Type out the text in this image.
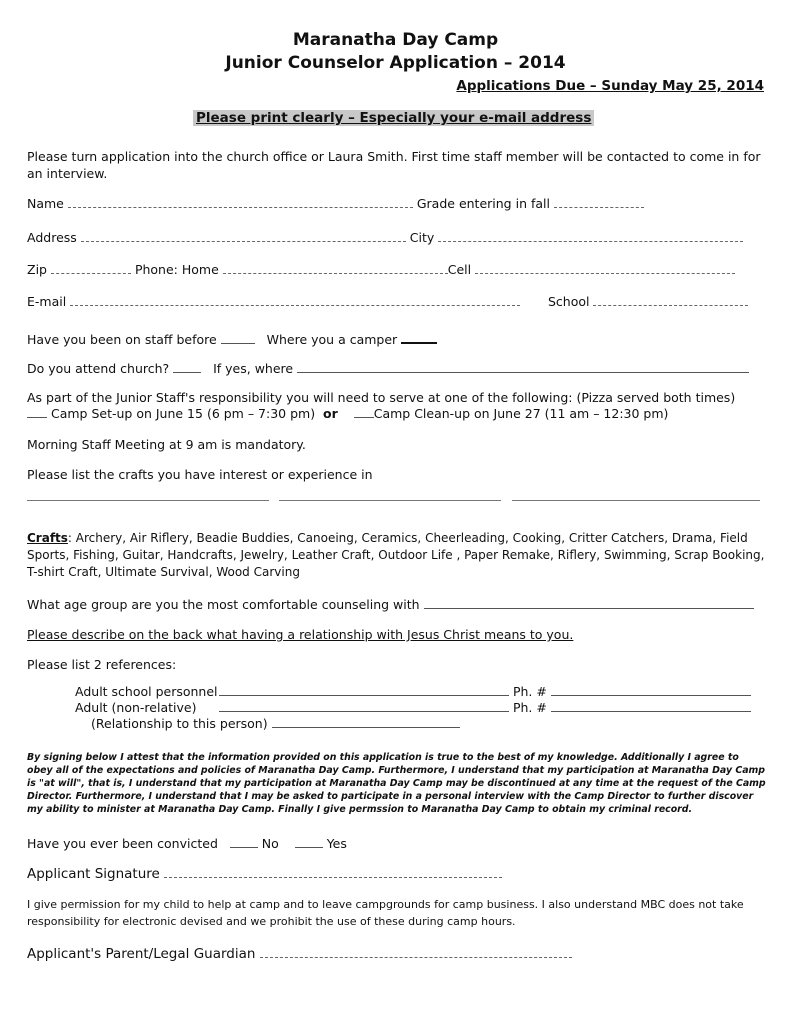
Maranatha Day Camp
Junior Counselor Application – 2014
Applications Due – Sunday May 25, 2014
Please print clearly – Especially your e-mail address
Please turn application into the church office or Laura Smith. First time staff member will be contacted to come in for an interview.
Name	Grade entering in fall
Address	City
Zip	Phone: Home	Cell
E-mail	School
Have you been on staff before	Where you a camper
Do you attend church?	If yes, where
As part of the Junior Staff's responsibility you will need to serve at one of the following: (Pizza served both times)
Camp Set-up on June 15 (6 pm – 7:30 pm) or	Camp Clean-up on June 27 (11 am – 12:30 pm)
Morning Staff Meeting at 9 am is mandatory.
Please list the crafts you have interest or experience in
Crafts: Archery, Air Riflery, Beadie Buddies, Canoeing, Ceramics, Cheerleading, Cooking, Critter Catchers, Drama, Field Sports, Fishing, Guitar, Handcrafts, Jewelry, Leather Craft, Outdoor Life , Paper Remake, Riflery, Swimming, Scrap Booking, T-shirt Craft, Ultimate Survival, Wood Carving
What age group are you the most comfortable counseling with
Please describe on the back what having a relationship with Jesus Christ means to you.
Please list 2 references:
Adult school personnel	Ph. #
Adult (non-relative)	Ph. #
(Relationship to this person)
By signing below I attest that the information provided on this application is true to the best of my knowledge. Additionally I agree to obey all of the expectations and policies of Maranatha Day Camp. Furthermore, I understand that my participation at Maranatha Day Camp is "at will", that is, I understand that my participation at Maranatha Day Camp may be discontinued at any time at the request of the Camp Director. Furthermore, I understand that I may be asked to participate in a personal interview with the Camp Director to further discover my ability to minister at Maranatha Day Camp. Finally I give permssion to Maranatha Day Camp to obtain my criminal record.
Have you ever been convicted	No	Yes
Applicant Signature
I give permission for my child to help at camp and to leave campgrounds for camp business. I also understand MBC does not take responsibility for electronic devised and we prohibit the use of these during camp hours.
Applicant's Parent/Legal Guardian
